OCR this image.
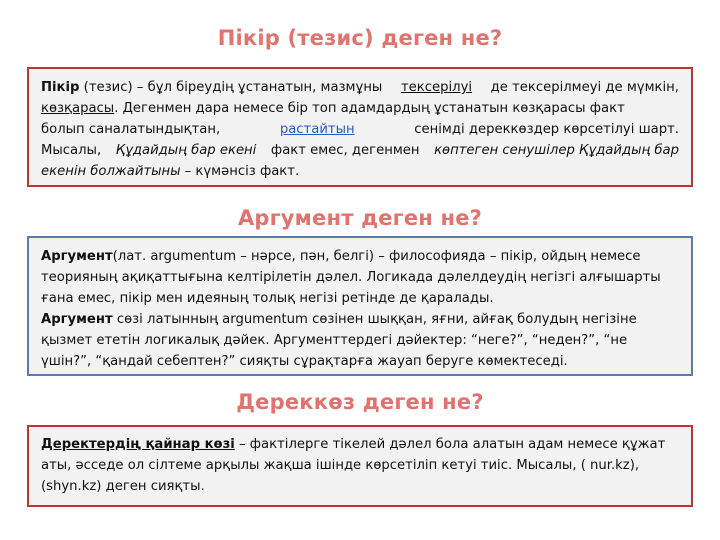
Пікір (тезис) деген не?
Пікір (тезис) – бұл біреудің ұстанатын, мазмұны тексерілуі де тексерілмеуі де мүмкін,
көзқарасы. Дегенмен дара немесе бір топ адамдардың ұстанатын көзқарасы факт
болып саналатындықтан,	растайтын	сенімді дереккөздер көрсетілуі шарт.
Мысалы, Құдайдың бар екені факт емес, дегенмен көптеген сенушілер Құдайдың бар
екенін болжайтыны – күмәнсіз факт.
Аргумент деген не?
Аргумент(лат. argumentum – нәрсе, пән, белгі) – философияда – пікір, ойдың немесе теорияның ақиқаттығына келтірілетін дәлел. Логикада дәлелдеудің негізгі алғышарты ғана емес, пікір мен идеяның толық негізі ретінде де қаралады.
Аргумент сөзі латынның argumentum сөзінен шыққан, яғни, айғақ болудың негізіне қызмет ететін логикалық дәйек. Аргументтердегі дәйектер: “неге?”, “неден?”, “не үшін?”, “қандай себептен?” сияқты сұрақтарға жауап беруге көмектеседі.
Дереккөз деген не?
Деректердің қайнар көзі – фактілерге тікелей дәлел бола алатын адам немесе құжат аты, әсседе ол сілтеме арқылы жақша ішінде көрсетіліп кетуі тиіс. Мысалы, ( nur.kz), (shyn.kz) деген сияқты.
